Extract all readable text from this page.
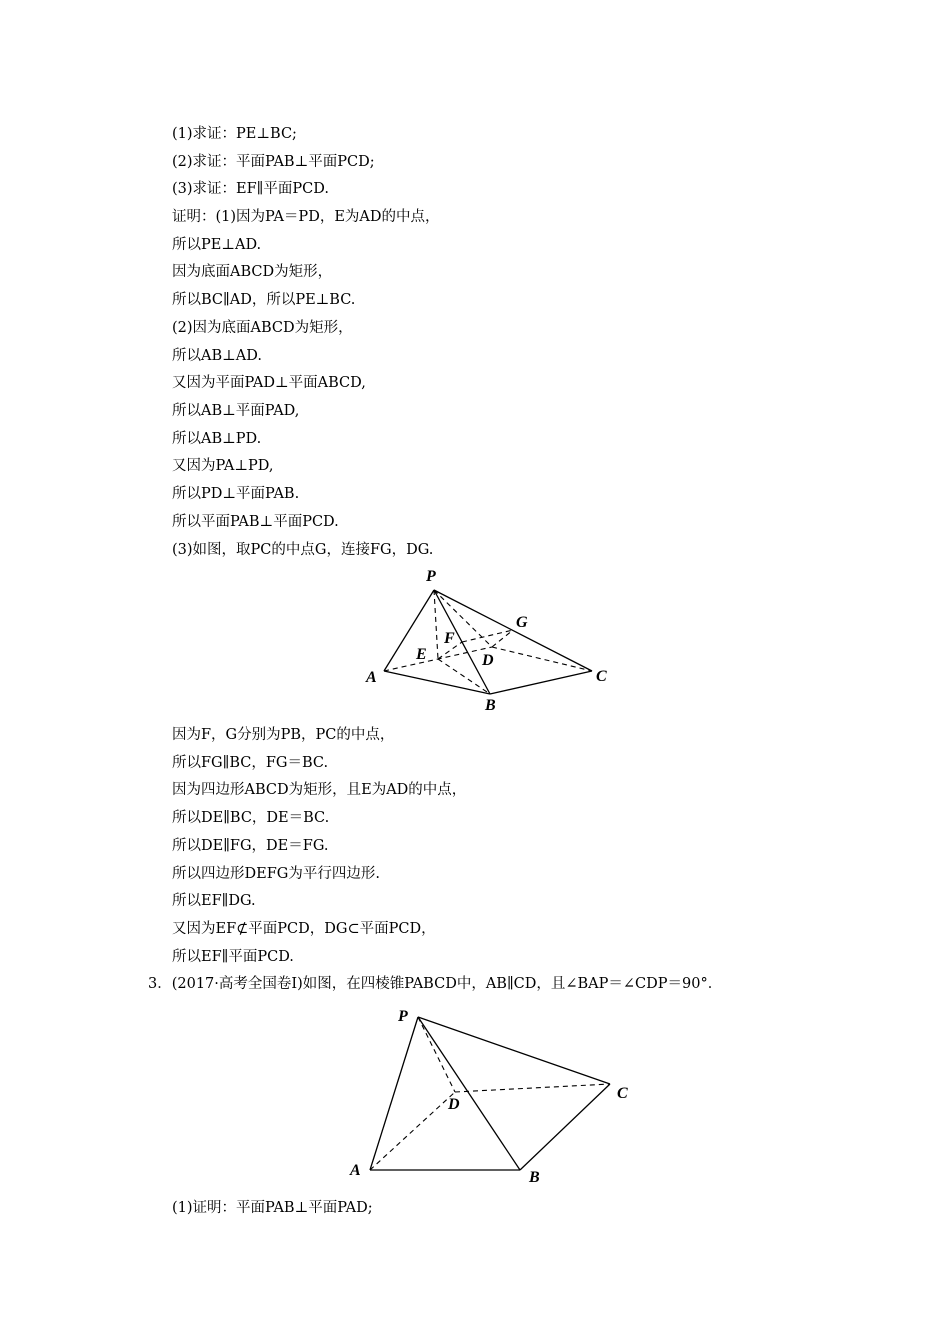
(1)求证：PE⊥BC;
(2)求证：平面PAB⊥平面PCD;
(3)求证：EF∥平面PCD.
证明：(1)因为PA＝PD，E为AD的中点，
所以PE⊥AD.
因为底面ABCD为矩形，
所以BC∥AD，所以PE⊥BC.
(2)因为底面ABCD为矩形，
所以AB⊥AD.
又因为平面PAD⊥平面ABCD,
所以AB⊥平面PAD,
所以AB⊥PD.
又因为PA⊥PD,
所以PD⊥平面PAB.
所以平面PAB⊥平面PCD.
(3)如图，取PC的中点G，连接FG，DG.
P
G
F
E	D
A
B
C
因为F，G分别为PB，PC的中点，
所以FG∥BC，FG＝BC.
因为四边形ABCD为矩形，且E为AD的中点，
所以DE∥BC，DE＝BC.
所以DE∥FG，DE＝FG.
所以四边形DEFG为平行四边形.
所以EF∥DG.
又因为EF⊄平面PCD，DG⊂平面PCD，
所以EF∥平面PCD.
3．(2017·高考全国卷Ⅰ)如图，在四棱锥PABCD中，AB∥CD，且∠BAP＝∠CDP＝90°．
P
D
C
A	B
(1)证明：平面PAB⊥平面PAD;
